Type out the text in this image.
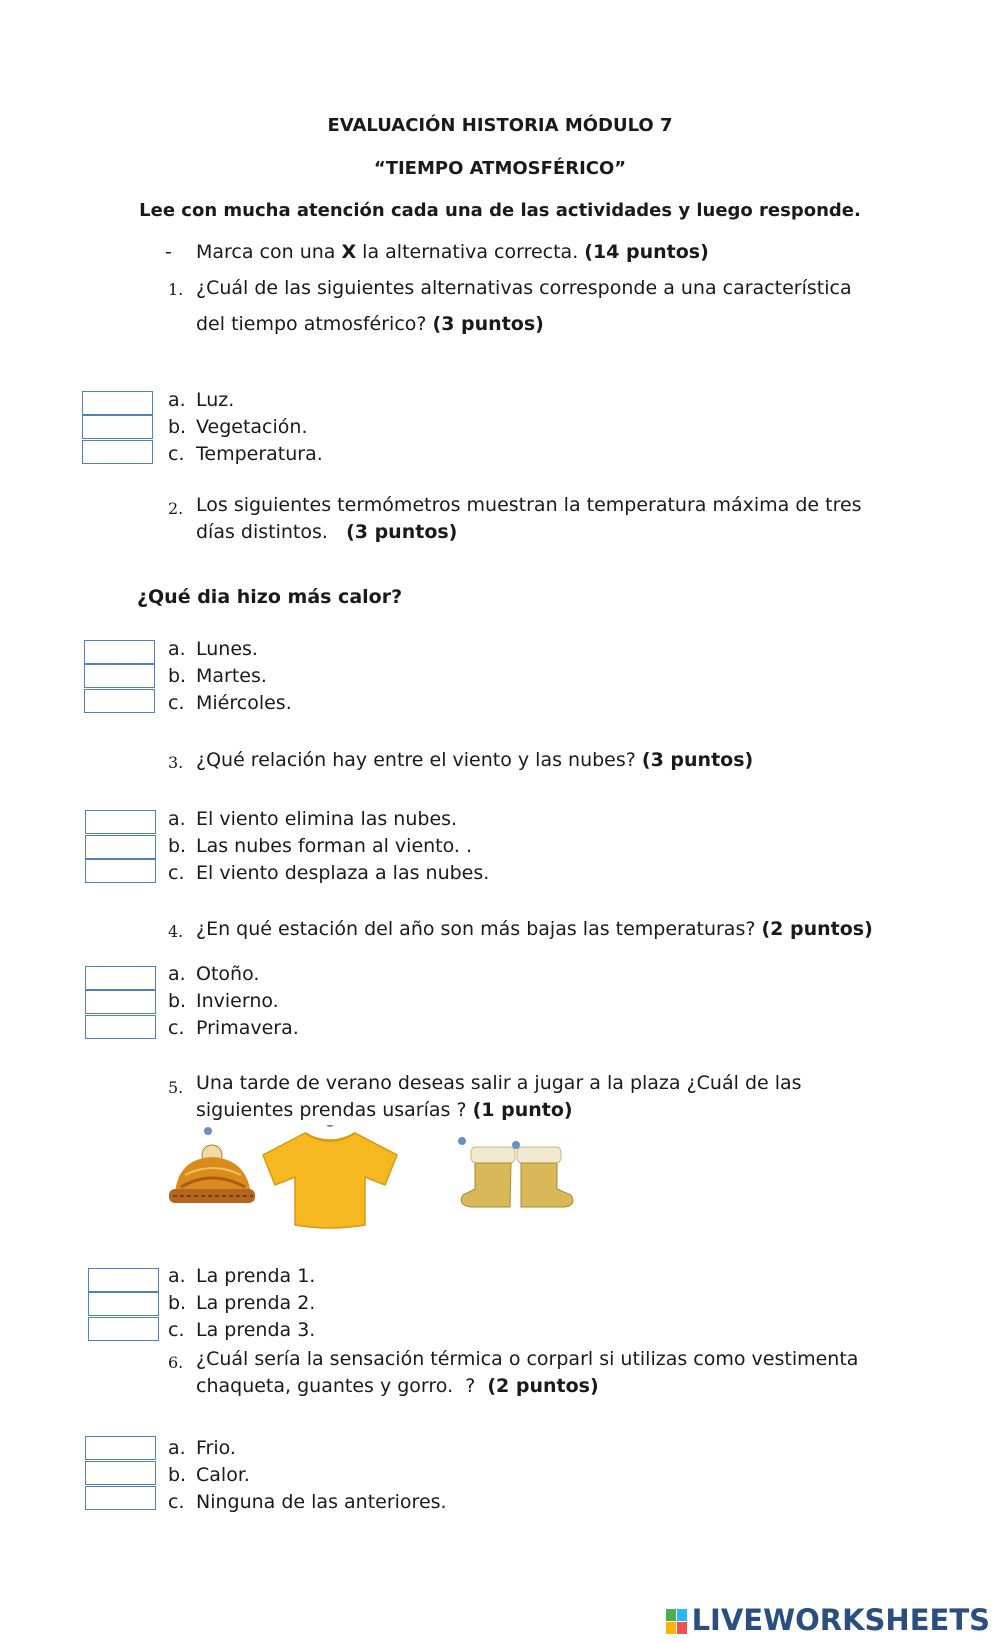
EVALUACIÓN HISTORIA MÓDULO 7
“TIEMPO ATMOSFÉRICO”
Lee con mucha atención cada una de las actividades y luego responde.
- Marca con una X la alternativa correcta. (14 puntos)
1. ¿Cuál de las siguientes alternativas corresponde a una característica
del tiempo atmosférico? (3 puntos)
a. Luz.
b. Vegetación.
c. Temperatura.
2. Los siguientes termómetros muestran la temperatura máxima de tres
días distintos.   (3 puntos)
¿Qué dia hizo más calor?
a. Lunes.
b. Martes.
c. Miércoles.
3. ¿Qué relación hay entre el viento y las nubes? (3 puntos)
a. El viento elimina las nubes.
b. Las nubes forman al viento. .
c. El viento desplaza a las nubes.
4. ¿En qué estación del año son más bajas las temperaturas? (2 puntos)
a. Otoño.
b. Invierno.
c. Primavera.
5. Una tarde de verano deseas salir a jugar a la plaza ¿Cuál de las
siguientes prendas usarías ? (1 punto)
a. La prenda 1.
b. La prenda 2.
c. La prenda 3.
6. ¿Cuál sería la sensación térmica o corparl si utilizas como vestimenta
chaqueta, guantes y gorro.  ?  (2 puntos)
a. Frio.
b. Calor.
c. Ninguna de las anteriores.
LIVEWORKSHEETS
